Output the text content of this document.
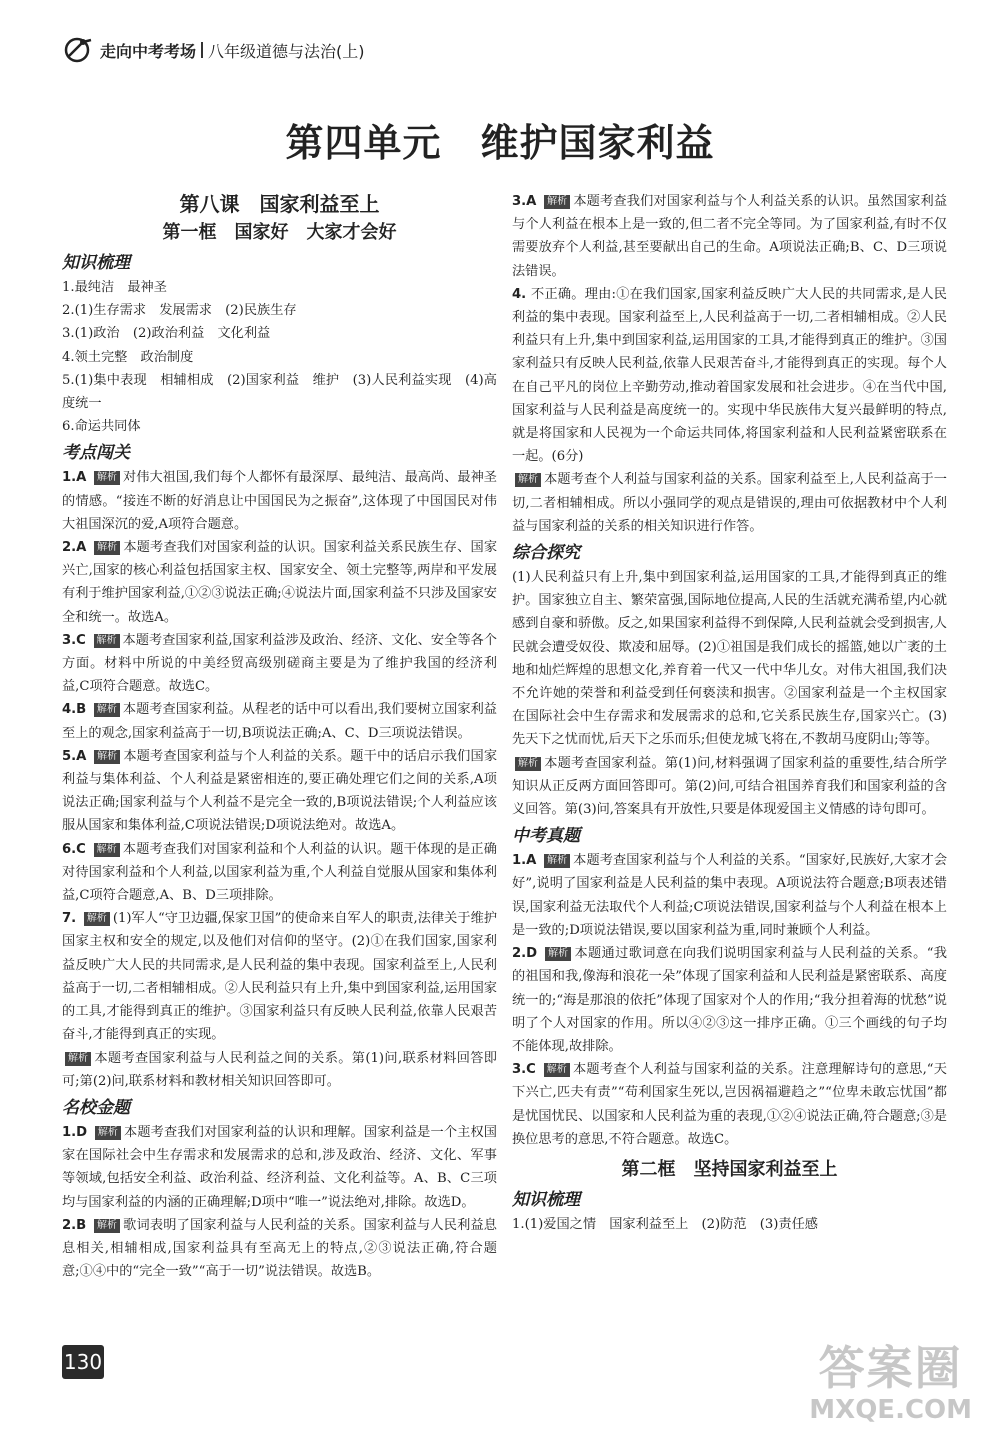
走向中考考场 八年级道德与法治(上)
第四单元　维护国家利益
第八课　国家利益至上
第一框　国家好　大家才会好
知识梳理

1.最纯洁　最神圣

2.(1)生存需求　发展需求　(2)民族生存

3.(1)政治　(2)政治利益　文化利益

4.领土完整　政治制度

5.(1)集中表现　相辅相成　(2)国家利益　维护　(3)人民利益实现　(4)高度统一

6.命运共同体

考点闯关

1.A 解析 对伟大祖国,我们每个人都怀有最深厚、最纯洁、最高尚、最神圣的情感。“接连不断的好消息让中国国民为之振奋”,这体现了中国国民对伟大祖国深沉的爱,A项符合题意。

2.A 解析 本题考查我们对国家利益的认识。国家利益关系民族生存、国家兴亡,国家的核心利益包括国家主权、国家安全、领土完整等,两岸和平发展有利于维护国家利益,①②③说法正确;④说法片面,国家利益不只涉及国家安全和统一。故选A。

3.C 解析 本题考查国家利益,国家利益涉及政治、经济、文化、安全等各个方面。材料中所说的中美经贸高级别磋商主要是为了维护我国的经济利益,C项符合题意。故选C。

4.B 解析 本题考查国家利益。从程老的话中可以看出,我们要树立国家利益至上的观念,国家利益高于一切,B项说法正确;A、C、D三项说法错误。

5.A 解析 本题考查国家利益与个人利益的关系。题干中的话启示我们国家利益与集体利益、个人利益是紧密相连的,要正确处理它们之间的关系,A项说法正确;国家利益与个人利益不是完全一致的,B项说法错误;个人利益应该服从国家和集体利益,C项说法错误;D项说法绝对。故选A。

6.C 解析 本题考查我们对国家利益和个人利益的认识。题干体现的是正确对待国家利益和个人利益,以国家利益为重,个人利益自觉服从国家和集体利益,C项符合题意,A、B、D三项排除。

7. 解析 (1)军人“守卫边疆,保家卫国”的使命来自军人的职责,法律关于维护国家主权和安全的规定,以及他们对信仰的坚守。(2)①在我们国家,国家利益反映广大人民的共同需求,是人民利益的集中表现。国家利益至上,人民利益高于一切,二者相辅相成。②人民利益只有上升,集中到国家利益,运用国家的工具,才能得到真正的维护。③国家利益只有反映人民利益,依靠人民艰苦奋斗,才能得到真正的实现。

解析 本题考查国家利益与人民利益之间的关系。第(1)问,联系材料回答即可;第(2)问,联系材料和教材相关知识回答即可。

名校金题

1.D 解析 本题考查我们对国家利益的认识和理解。国家利益是一个主权国家在国际社会中生存需求和发展需求的总和,涉及政治、经济、文化、军事等领域,包括安全利益、政治利益、经济利益、文化利益等。A、B、C三项均与国家利益的内涵的正确理解;D项中“唯一”说法绝对,排除。故选D。

2.B 解析 歌词表明了国家利益与人民利益的关系。国家利益与人民利益息息相关,相辅相成,国家利益具有至高无上的特点,②③说法正确,符合题意;①④中的“完全一致”“高于一切”说法错误。故选B。

3.A 解析 本题考查我们对国家利益与个人利益关系的认识。虽然国家利益与个人利益在根本上是一致的,但二者不完全等同。为了国家利益,有时不仅需要放弃个人利益,甚至要献出自己的生命。A项说法正确;B、C、D三项说法错误。

4. 不正确。理由:①在我们国家,国家利益反映广大人民的共同需求,是人民利益的集中表现。国家利益至上,人民利益高于一切,二者相辅相成。②人民利益只有上升,集中到国家利益,运用国家的工具,才能得到真正的维护。③国家利益只有反映人民利益,依靠人民艰苦奋斗,才能得到真正的实现。每个人在自己平凡的岗位上辛勤劳动,推动着国家发展和社会进步。④在当代中国,国家利益与人民利益是高度统一的。实现中华民族伟大复兴最鲜明的特点,就是将国家和人民视为一个命运共同体,将国家利益和人民利益紧密联系在一起。(6分)

解析 本题考查个人利益与国家利益的关系。国家利益至上,人民利益高于一切,二者相辅相成。所以小强同学的观点是错误的,理由可依据教材中个人利益与国家利益的关系的相关知识进行作答。

综合探究

(1)人民利益只有上升,集中到国家利益,运用国家的工具,才能得到真正的维护。国家独立自主、繁荣富强,国际地位提高,人民的生活就充满希望,内心就感到自豪和骄傲。反之,如果国家利益得不到保障,人民利益就会受到损害,人民就会遭受奴役、欺凌和屈辱。(2)①祖国是我们成长的摇篮,她以广袤的土地和灿烂辉煌的思想文化,养育着一代又一代中华儿女。对伟大祖国,我们决不允许她的荣誉和利益受到任何亵渎和损害。②国家利益是一个主权国家在国际社会中生存需求和发展需求的总和,它关系民族生存,国家兴亡。(3)先天下之忧而忧,后天下之乐而乐;但使龙城飞将在,不教胡马度阴山;等等。

解析 本题考查国家利益。第(1)问,材料强调了国家利益的重要性,结合所学知识从正反两方面回答即可。第(2)问,可结合祖国养育我们和国家利益的含义回答。第(3)问,答案具有开放性,只要是体现爱国主义情感的诗句即可。

中考真题

1.A 解析 本题考查国家利益与个人利益的关系。“国家好,民族好,大家才会好”,说明了国家利益是人民利益的集中表现。A项说法符合题意;B项表述错误,国家利益无法取代个人利益;C项说法错误,国家利益与个人利益在根本上是一致的;D项说法错误,要以国家利益为重,同时兼顾个人利益。

2.D 解析 本题通过歌词意在向我们说明国家利益与人民利益的关系。“我的祖国和我,像海和浪花一朵”体现了国家利益和人民利益是紧密联系、高度统一的;“海是那浪的依托”体现了国家对个人的作用;“我分担着海的忧愁”说明了个人对国家的作用。所以④②③这一排序正确。①三个画线的句子均不能体现,故排除。

3.C 解析 本题考查个人利益与国家利益的关系。注意理解诗句的意思,“天下兴亡,匹夫有责”“苟利国家生死以,岂因祸福避趋之”“位卑未敢忘忧国”都是忧国忧民、以国家和人民利益为重的表现,①②④说法正确,符合题意;③是换位思考的意思,不符合题意。故选C。

第二框　坚持国家利益至上
知识梳理

1.(1)爱国之情　国家利益至上　(2)防范　(3)责任感

130	答案圈
MXQE.COM
